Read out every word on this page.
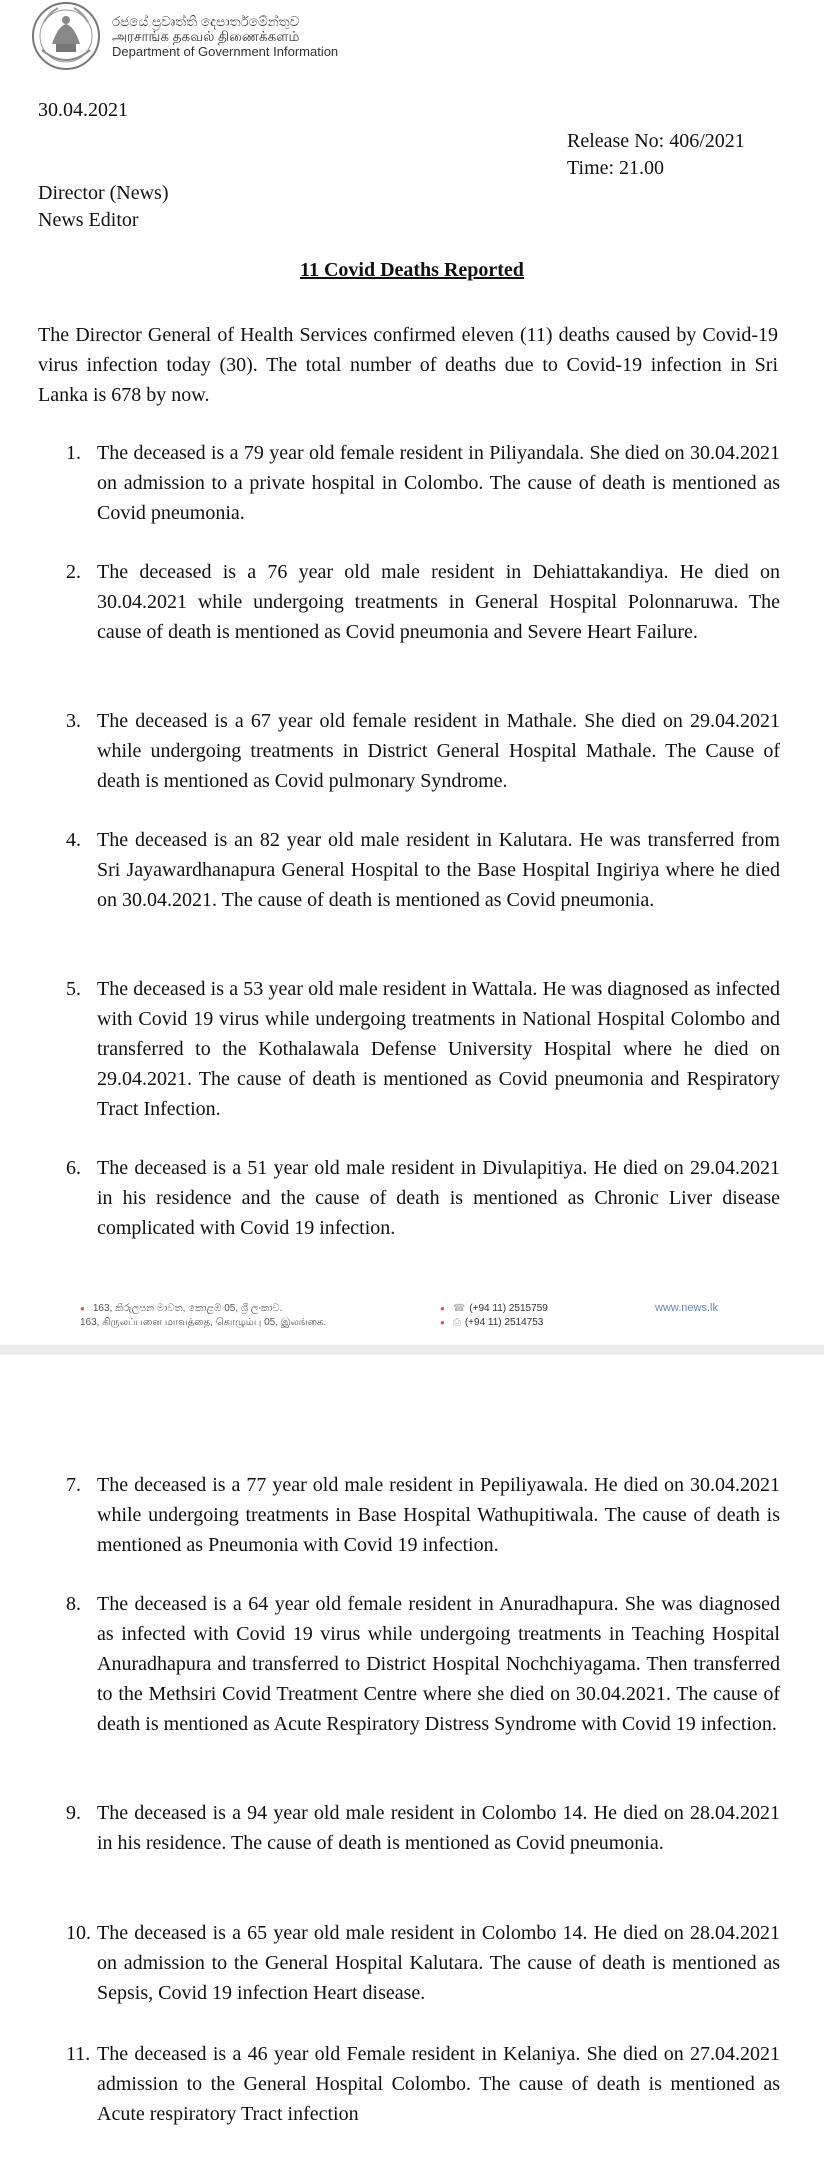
රජයේ ප්‍රවෘත්ති දෙපාර්තමේන්තුව
அரசாங்க தகவல் திணைக்களம்
Department of Government Information
30.04.2021
Release No: 406/2021
Time: 21.00
Director (News)
News Editor
11 Covid Deaths Reported
The Director General of Health Services confirmed eleven (11) deaths caused by Covid-19 virus infection today (30). The total number of deaths due to Covid-19 infection in Sri Lanka is 678 by now.
1. The deceased is a 79 year old female resident in Piliyandala. She died on 30.04.2021 on admission to a private hospital in Colombo. The cause of death is mentioned as Covid pneumonia.
2. The deceased is a 76 year old male resident in Dehiattakandiya. He died on 30.04.2021 while undergoing treatments in General Hospital Polonnaruwa. The cause of death is mentioned as Covid pneumonia and Severe Heart Failure.
3. The deceased is a 67 year old female resident in Mathale. She died on 29.04.2021 while undergoing treatments in District General Hospital Mathale. The Cause of death is mentioned as Covid pulmonary Syndrome.
4. The deceased is an 82 year old male resident in Kalutara. He was transferred from Sri Jayawardhanapura General Hospital to the Base Hospital Ingiriya where he died on 30.04.2021. The cause of death is mentioned as Covid pneumonia.
5. The deceased is a 53 year old male resident in Wattala. He was diagnosed as infected with Covid 19 virus while undergoing treatments in National Hospital Colombo and transferred to the Kothalawala Defense University Hospital where he died on 29.04.2021. The cause of death is mentioned as Covid pneumonia and Respiratory Tract Infection.
6. The deceased is a 51 year old male resident in Divulapitiya. He died on 29.04.2021 in his residence and the cause of death is mentioned as Chronic Liver disease complicated with Covid 19 infection.
● 163, කිරුලපන මාවත, කොළඹ 05, ශ්‍රී ලංකාව.
163, கிருலப்பனை மாவத்தை, கொழும்பு 05, இலங்கை.
● ☎ (+94 11) 2515759
● ⎙ (+94 11) 2514753
www.news.lk
7. The deceased is a 77 year old male resident in Pepiliyawala. He died on 30.04.2021 while undergoing treatments in Base Hospital Wathupitiwala. The cause of death is mentioned as Pneumonia with Covid 19 infection.
8. The deceased is a 64 year old female resident in Anuradhapura. She was diagnosed as infected with Covid 19 virus while undergoing treatments in Teaching Hospital Anuradhapura and transferred to District Hospital Nochchiyagama. Then transferred to the Methsiri Covid Treatment Centre where she died on 30.04.2021. The cause of death is mentioned as Acute Respiratory Distress Syndrome with Covid 19 infection.
9. The deceased is a 94 year old male resident in Colombo 14. He died on 28.04.2021 in his residence. The cause of death is mentioned as Covid pneumonia.
10. The deceased is a 65 year old male resident in Colombo 14. He died on 28.04.2021 on admission to the General Hospital Kalutara. The cause of death is mentioned as Sepsis, Covid 19 infection Heart disease.
11. The deceased is a 46 year old Female resident in Kelaniya. She died on 27.04.2021 admission to the General Hospital Colombo. The cause of death is mentioned as Acute respiratory Tract infection
